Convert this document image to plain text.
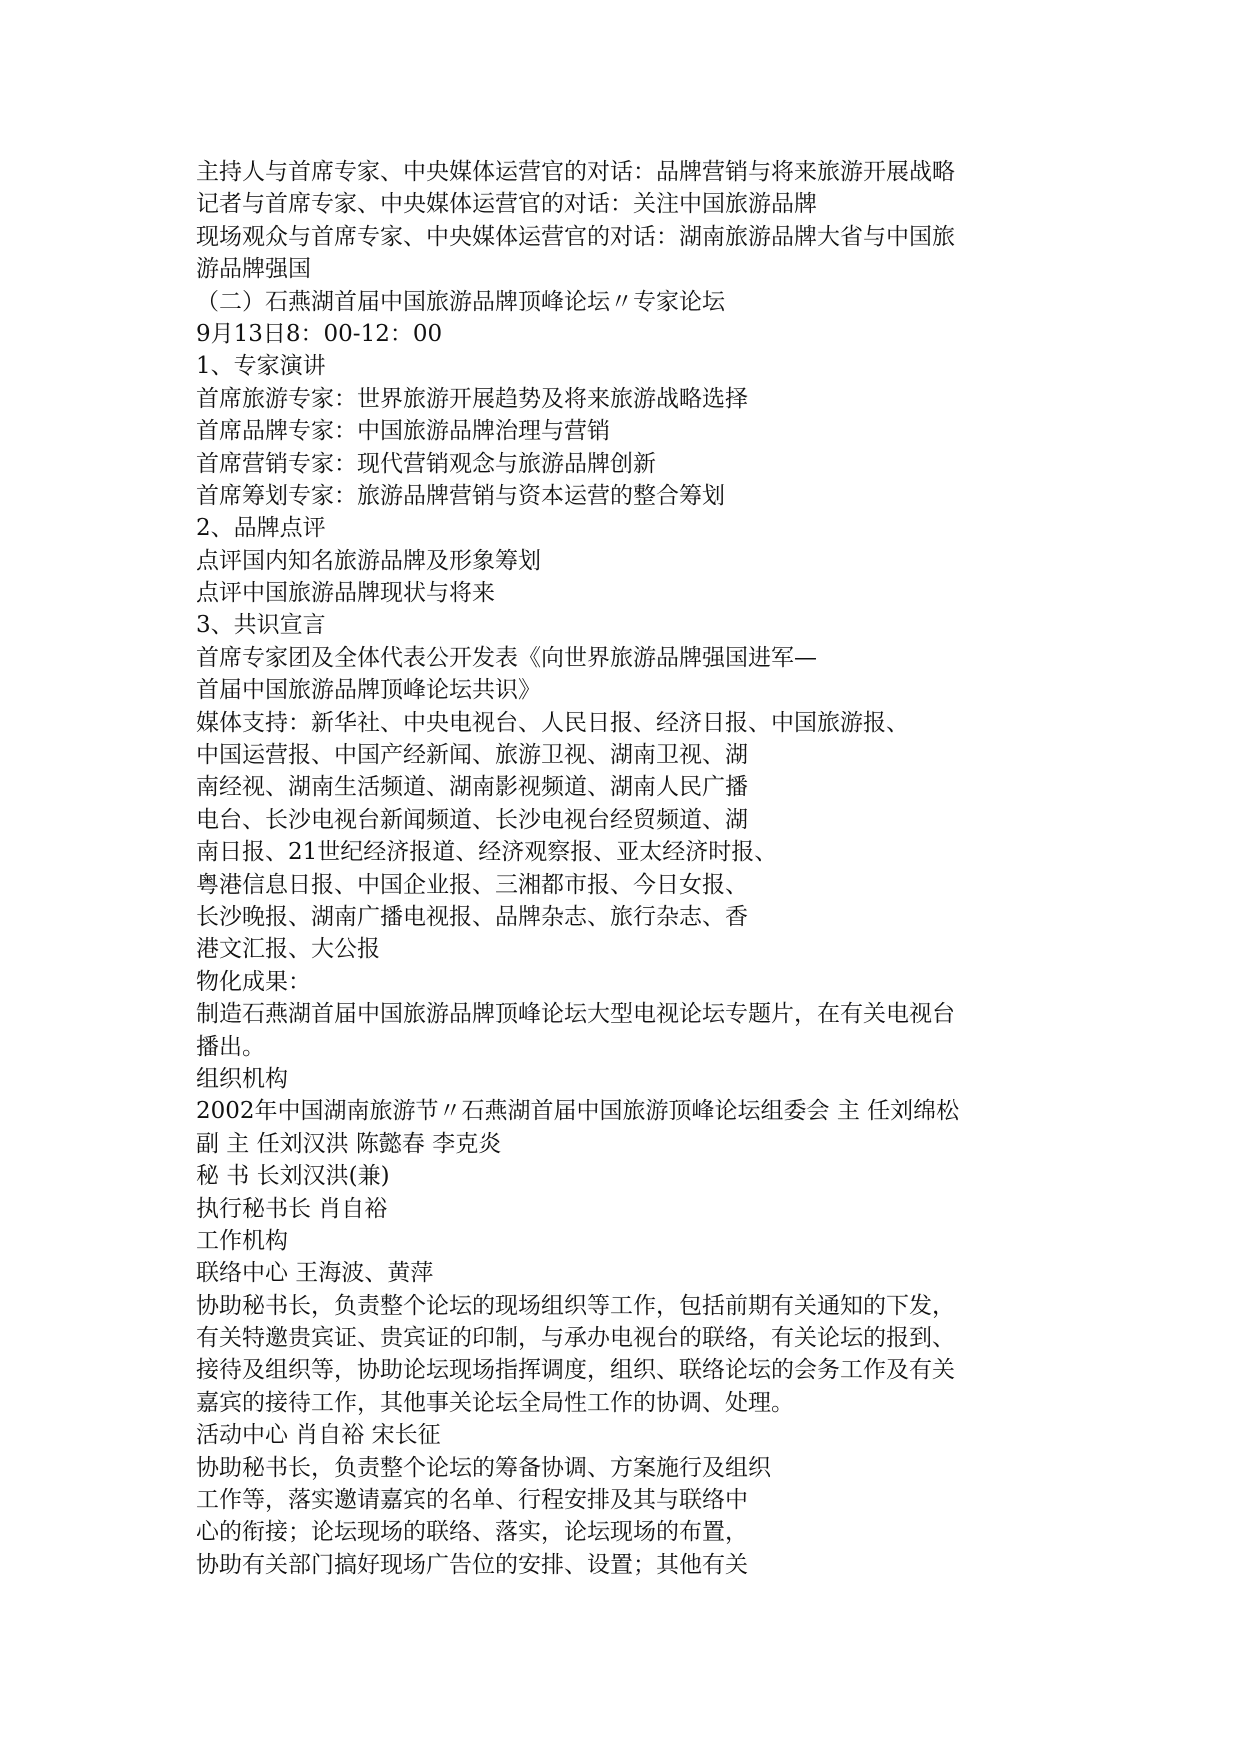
主持人与首席专家、中央媒体运营官的对话：品牌营销与将来旅游开展战略
记者与首席专家、中央媒体运营官的对话：关注中国旅游品牌
现场观众与首席专家、中央媒体运营官的对话：湖南旅游品牌大省与中国旅
游品牌强国
（二）石燕湖首届中国旅游品牌顶峰论坛〃专家论坛
9月13日8：00-12：00
1、专家演讲
首席旅游专家：世界旅游开展趋势及将来旅游战略选择
首席品牌专家：中国旅游品牌治理与营销
首席营销专家：现代营销观念与旅游品牌创新
首席筹划专家：旅游品牌营销与资本运营的整合筹划
2、品牌点评
点评国内知名旅游品牌及形象筹划
点评中国旅游品牌现状与将来
3、共识宣言
首席专家团及全体代表公开发表《向世界旅游品牌强国进军—
首届中国旅游品牌顶峰论坛共识》
媒体支持：新华社、中央电视台、人民日报、经济日报、中国旅游报、
中国运营报、中国产经新闻、旅游卫视、湖南卫视、湖
南经视、湖南生活频道、湖南影视频道、湖南人民广播
电台、长沙电视台新闻频道、长沙电视台经贸频道、湖
南日报、21世纪经济报道、经济观察报、亚太经济时报、
粤港信息日报、中国企业报、三湘都市报、今日女报、
长沙晚报、湖南广播电视报、品牌杂志、旅行杂志、香
港文汇报、大公报
物化成果：
制造石燕湖首届中国旅游品牌顶峰论坛大型电视论坛专题片，在有关电视台
播出。
组织机构
2002年中国湖南旅游节〃石燕湖首届中国旅游顶峰论坛组委会 主 任刘绵松
副 主 任刘汉洪 陈懿春 李克炎
秘 书 长刘汉洪(兼)
执行秘书长 肖自裕
工作机构
联络中心 王海波、黄萍
协助秘书长，负责整个论坛的现场组织等工作，包括前期有关通知的下发，
有关特邀贵宾证、贵宾证的印制，与承办电视台的联络，有关论坛的报到、
接待及组织等，协助论坛现场指挥调度，组织、联络论坛的会务工作及有关
嘉宾的接待工作，其他事关论坛全局性工作的协调、处理。
活动中心 肖自裕 宋长征
协助秘书长，负责整个论坛的筹备协调、方案施行及组织
工作等，落实邀请嘉宾的名单、行程安排及其与联络中
心的衔接；论坛现场的联络、落实，论坛现场的布置，
协助有关部门搞好现场广告位的安排、设置；其他有关
